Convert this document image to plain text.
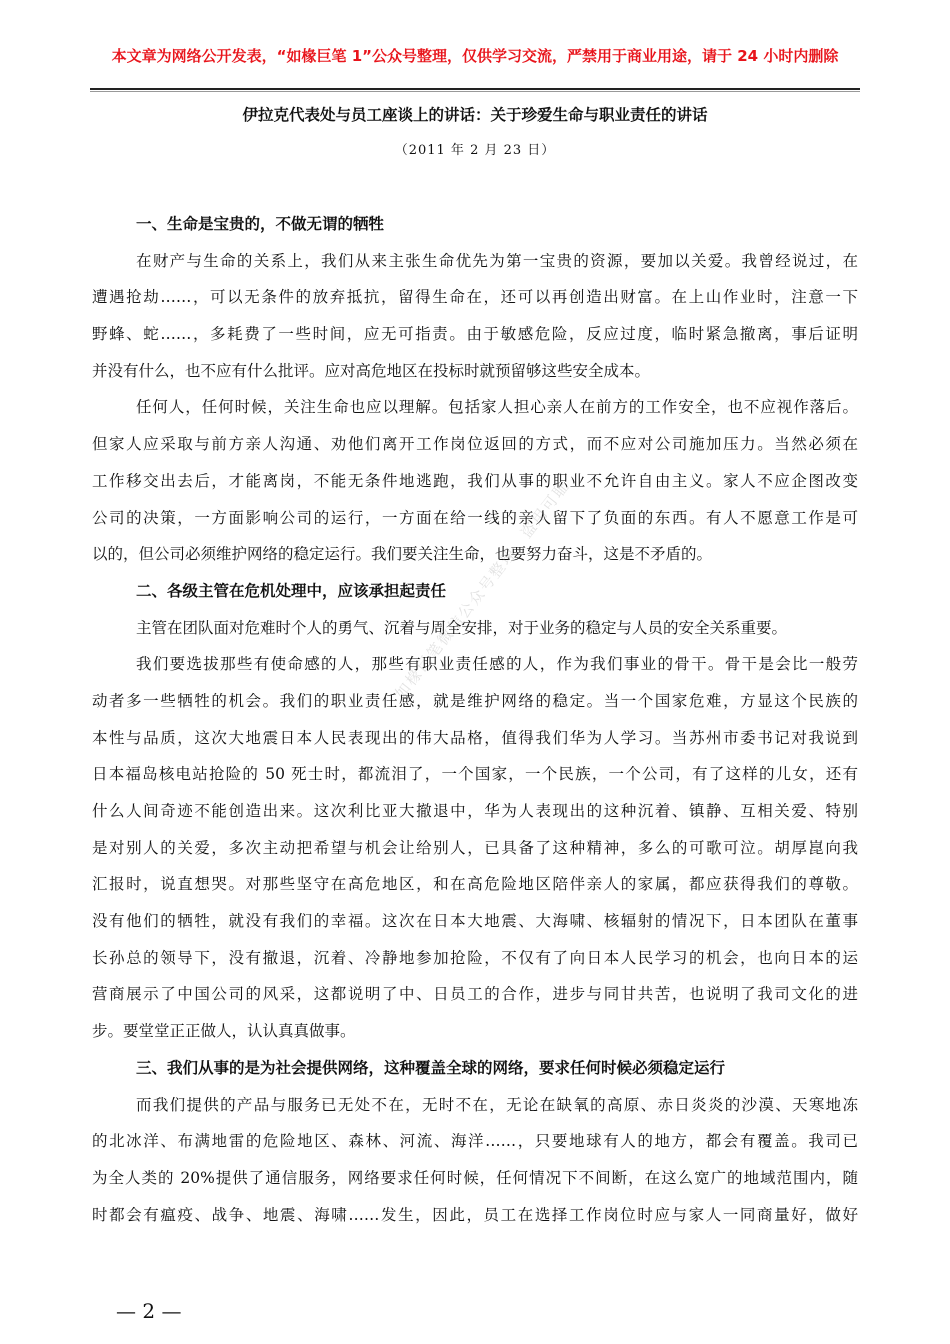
本文章为网络公开发表，“如椽巨笔 1”公众号整理，仅供学习交流，严禁用于商业用途，请于 24 小时内删除
伊拉克代表处与员工座谈上的讲话：关于珍爱生命与职业责任的讲话
（2011 年 2 月 23 日）
一、生命是宝贵的，不做无谓的牺牲
在财产与生命的关系上，我们从来主张生命优先为第一宝贵的资源，要加以关爱。我曾经说过，在
遭遇抢劫……，可以无条件的放弃抵抗，留得生命在，还可以再创造出财富。在上山作业时，注意一下
野蜂、蛇……，多耗费了一些时间，应无可指责。由于敏感危险，反应过度，临时紧急撤离，事后证明
并没有什么，也不应有什么批评。应对高危地区在投标时就预留够这些安全成本。
任何人，任何时候，关注生命也应以理解。包括家人担心亲人在前方的工作安全，也不应视作落后。
但家人应采取与前方亲人沟通、劝他们离开工作岗位返回的方式，而不应对公司施加压力。当然必须在
工作移交出去后，才能离岗，不能无条件地逃跑，我们从事的职业不允许自由主义。家人不应企图改变
公司的决策，一方面影响公司的运行，一方面在给一线的亲人留下了负面的东西。有人不愿意工作是可
以的，但公司必须维护网络的稳定运行。我们要关注生命，也要努力奋斗，这是不矛盾的。
二、各级主管在危机处理中，应该承担起责任
主管在团队面对危难时个人的勇气、沉着与周全安排，对于业务的稳定与人员的安全关系重要。
我们要选拔那些有使命感的人，那些有职业责任感的人，作为我们事业的骨干。骨干是会比一般劳
动者多一些牺牲的机会。我们的职业责任感，就是维护网络的稳定。当一个国家危难，方显这个民族的
本性与品质，这次大地震日本人民表现出的伟大品格，值得我们华为人学习。当苏州市委书记对我说到
日本福岛核电站抢险的 50 死士时，都流泪了，一个国家，一个民族，一个公司，有了这样的儿女，还有
什么人间奇迹不能创造出来。这次利比亚大撤退中，华为人表现出的这种沉着、镇静、互相关爱、特别
是对别人的关爱，多次主动把希望与机会让给别人，已具备了这种精神，多么的可歌可泣。胡厚崑向我
汇报时，说直想哭。对那些坚守在高危地区，和在高危险地区陪伴亲人的家属，都应获得我们的尊敬。
没有他们的牺牲，就没有我们的幸福。这次在日本大地震、大海啸、核辐射的情况下，日本团队在董事
长孙总的领导下，没有撤退，沉着、冷静地参加抢险，不仅有了向日本人民学习的机会，也向日本的运
营商展示了中国公司的风采，这都说明了中、日员工的合作，进步与同甘共苦，也说明了我司文化的进
步。要堂堂正正做人，认认真真做事。
三、我们从事的是为社会提供网络，这种覆盖全球的网络，要求任何时候必须稳定运行
而我们提供的产品与服务已无处不在，无时不在，无论在缺氧的高原、赤日炎炎的沙漠、天寒地冻
的北冰洋、布满地雷的危险地区、森林、河流、海洋……，只要地球有人的地方，都会有覆盖。我司已
为全人类的 20%提供了通信服务，网络要求任何时候，任何情况下不间断，在这么宽广的地域范围内，随
时都会有瘟疫、战争、地震、海啸……发生，因此，员工在选择工作岗位时应与家人一同商量好，做好
如椽巨笔微信公众号整理，盗用可耻
— 2 —
